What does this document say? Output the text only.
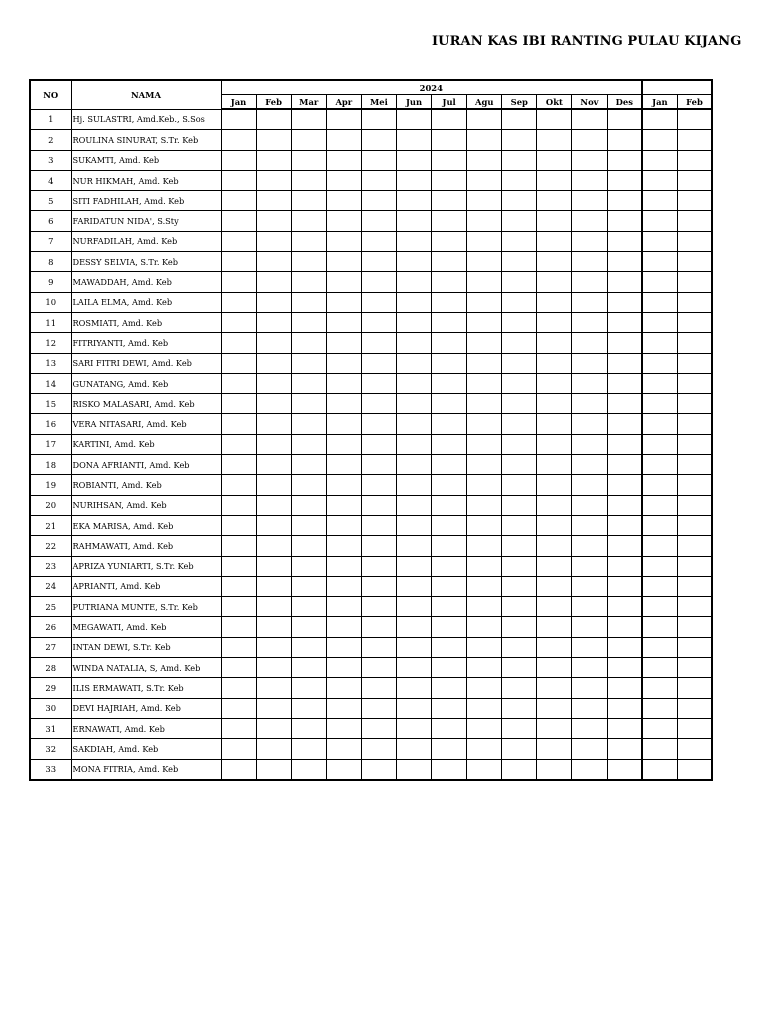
IURAN KAS IBI RANTING PULAU KIJANG
NO	NAMA	2024													
		Jan	Feb	Mar	Apr	Mei	Jun	Jul	Agu	Sep	Okt	Nov	Des	Jan	Feb
1	Hj. SULASTRI, Amd.Keb., S.Sos														
2	ROULINA SINURAT, S.Tr. Keb														
3	SUKAMTI, Amd. Keb														
4	NUR HIKMAH, Amd. Keb														
5	SITI FADHILAH, Amd. Keb														
6	FARIDATUN NIDA', S.Sty														
7	NURFADILAH, Amd. Keb														
8	DESSY SELVIA, S.Tr. Keb														
9	MAWADDAH, Amd. Keb														
10	LAILA ELMA, Amd. Keb														
11	ROSMIATI, Amd. Keb														
12	FITRIYANTI, Amd. Keb														
13	SARI FITRI DEWI, Amd. Keb														
14	GUNATANG, Amd. Keb														
15	RISKO MALASARI, Amd. Keb														
16	VERA NITASARI, Amd. Keb														
17	KARTINI, Amd. Keb														
18	DONA AFRIANTI, Amd. Keb														
19	ROBIANTI, Amd. Keb														
20	NURIHSAN, Amd. Keb														
21	EKA MARISA, Amd. Keb														
22	RAHMAWATI, Amd. Keb														
23	APRIZA YUNIARTI, S.Tr. Keb														
24	APRIANTI, Amd. Keb														
25	PUTRIANA MUNTE, S.Tr. Keb														
26	MEGAWATI, Amd. Keb														
27	INTAN DEWI, S.Tr. Keb														
28	WINDA NATALIA, S, Amd. Keb														
29	ILIS ERMAWATI, S.Tr. Keb														
30	DEVI HAJRIAH, Amd. Keb														
31	ERNAWATI, Amd. Keb														
32	SAKDIAH, Amd. Keb														
33	MONA FITRIA, Amd. Keb														
